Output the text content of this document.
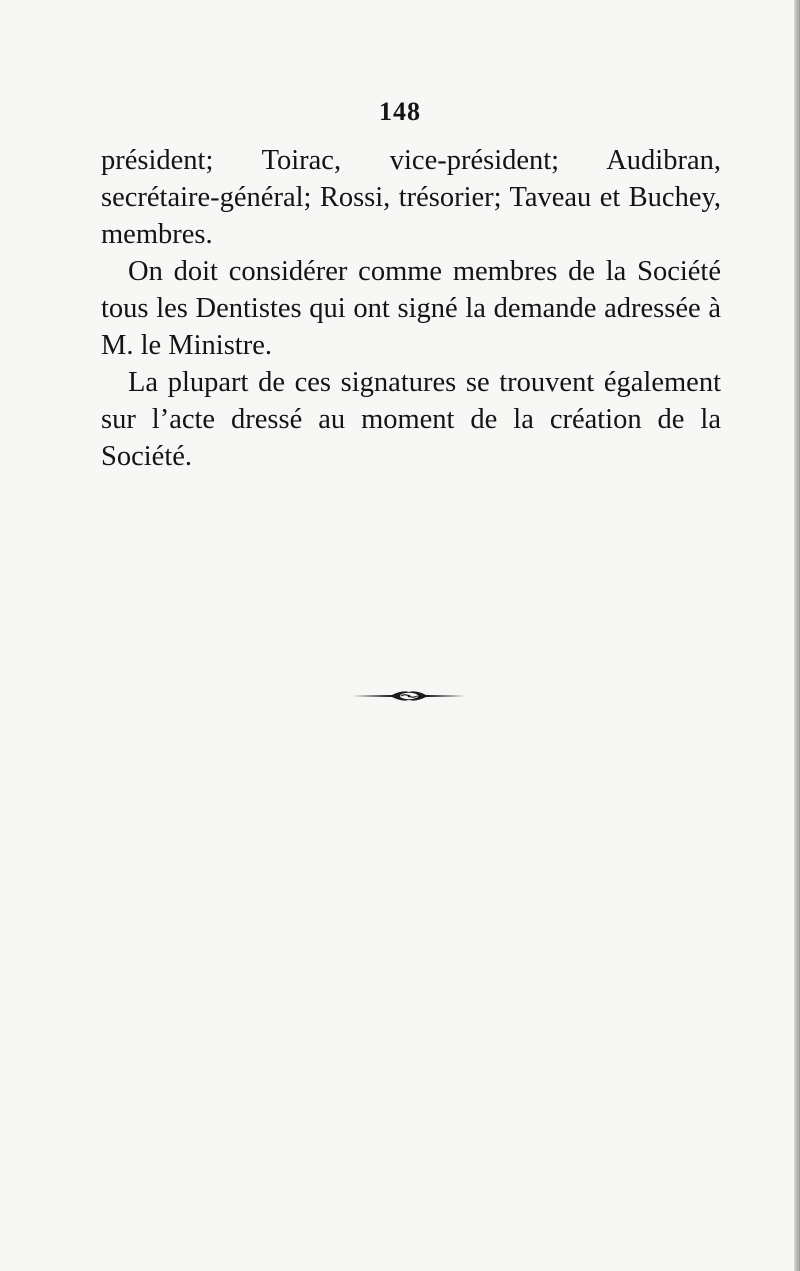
148

président; Toirac, vice-président; Audibran, secrétaire-général; Rossi, trésorier; Taveau et Buchey, membres.

On doit considérer comme membres de la Société tous les Dentistes qui ont signé la demande adressée à M. le Ministre.

La plupart de ces signatures se trouvent également sur l’acte dressé au moment de la création de la Société.
